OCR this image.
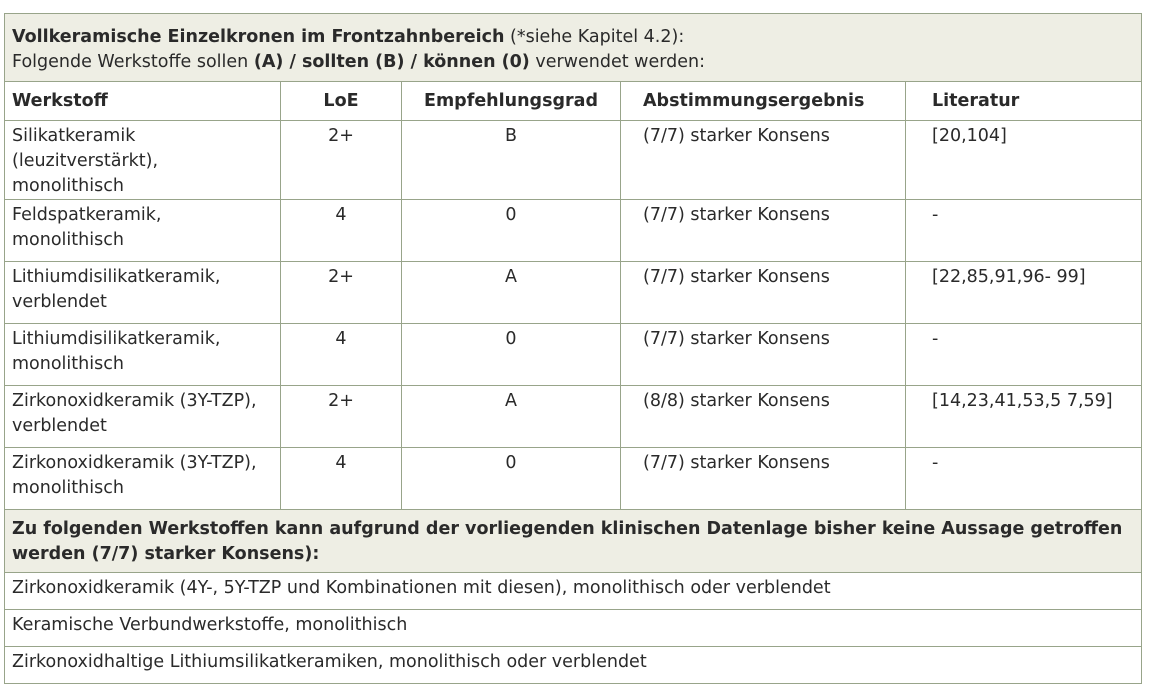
Vollkeramische Einzelkronen im Frontzahnbereich (*siehe Kapitel 4.2):
Folgende Werkstoffe sollen (A) / sollten (B) / können (0) verwendet werden:				

Werkstoff	LoE	Empfehlungsgrad	Abstimmungsergebnis	Literatur

Silikatkeramik (leuzitverstärkt),
monolithisch	2+	B	(7/7) starker Konsens	[20,104]

Feldspatkeramik,
monolithisch	4	0	(7/7) starker Konsens	-

Lithiumdisilikatkeramik,
verblendet	2+	A	(7/7) starker Konsens	[22,85,91,96- 99]

Lithiumdisilikatkeramik,
monolithisch	4	0	(7/7) starker Konsens	-

Zirkonoxidkeramik (3Y-TZP),
verblendet	2+	A	(8/8) starker Konsens	[14,23,41,53,5 7,59]

Zirkonoxidkeramik (3Y-TZP),
monolithisch	4	0	(7/7) starker Konsens	-

Zu folgenden Werkstoffen kann aufgrund der vorliegenden klinischen Datenlage bisher keine Aussage getroffen
werden (7/7) starker Konsens):				

Zirkonoxidkeramik (4Y-, 5Y-TZP und Kombinationen mit diesen), monolithisch oder verblendet				
Keramische Verbundwerkstoffe, monolithisch				
Zirkonoxidhaltige Lithiumsilikatkeramiken, monolithisch oder verblendet				
